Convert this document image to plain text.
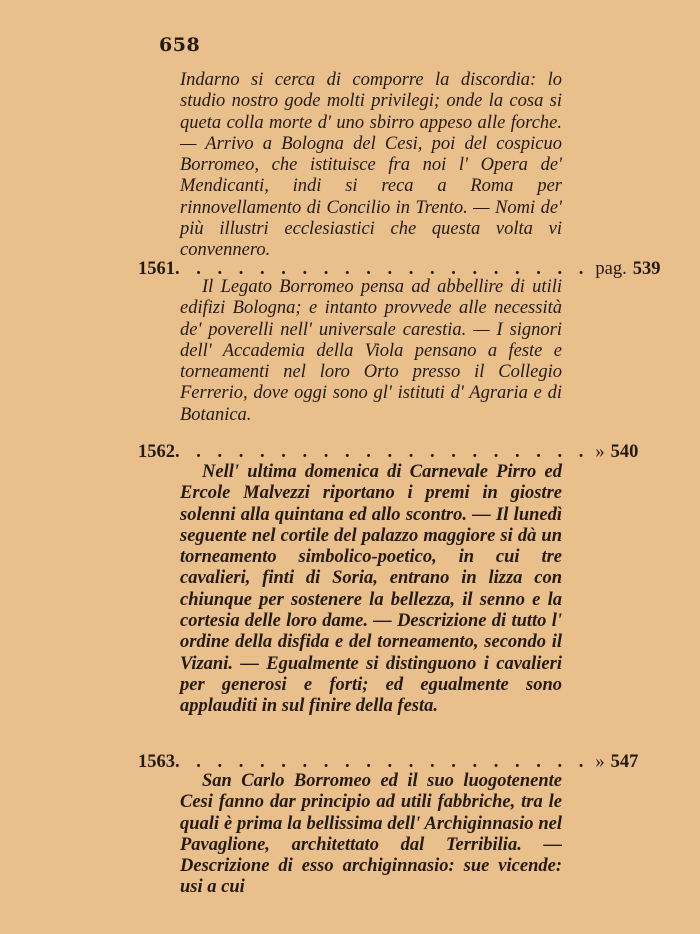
658

Indarno si cerca di comporre la discordia: lo studio nostro gode molti privilegi; onde la cosa si queta colla morte d' uno sbirro appeso alle forche. — Arrivo a Bologna del Cesi, poi del cospicuo Borromeo, che istituisce fra noi l' Opera de' Mendicanti, indi si reca a Roma per rinnovellamento di Concilio in Trento. — Nomi de' più illustri ecclesiastici che questa volta vi convennero.

1561 . . . . . . . . . . . . . . . . . . . . pag. 539

Il Legato Borromeo pensa ad abbellire di utili edifizi Bologna; e intanto provvede alle necessità de' poverelli nell' universale carestia. — I signori dell' Accademia della Viola pensano a feste e torneamenti nel loro Orto presso il Collegio Ferrerio, dove oggi sono gl' istituti d' Agraria e di Botanica.

1562 . . . . . . . . . . . . . . . . . . . . » 540

Nell' ultima domenica di Carnevale Pirro ed Ercole Malvezzi riportano i premi in giostre solenni alla quintana ed allo scontro. — Il lunedì seguente nel cortile del palazzo maggiore si dà un torneamento simbolico-poetico, in cui tre cavalieri, finti di Soria, entrano in lizza con chiunque per sostenere la bellezza, il senno e la cortesia delle loro dame. — Descrizione di tutto l' ordine della disfida e del torneamento, secondo il Vizani. — Egualmente si distinguono i cavalieri per generosi e forti; ed egualmente sono applauditi in sul finire della festa.

1563 . . . . . . . . . . . . . . . . . . . . » 547

San Carlo Borromeo ed il suo luogotenente Cesi fanno dar principio ad utili fabbriche, tra le quali è prima la bellissima dell' Archiginnasio nel Pavaglione, architettato dal Terribilia. — Descrizione di esso archiginnasio: sue vicende: usi a cui
